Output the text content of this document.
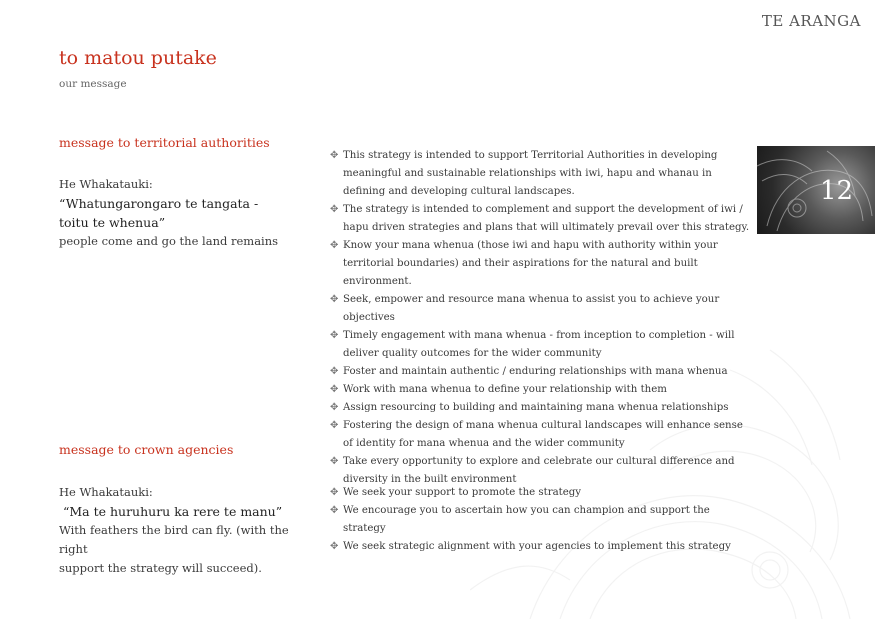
TE ARANGA
to matou putake
our message
message to territorial authorities
He Whakatauki:
“Whatungarongaro te tangata -
toitu te whenua”
people come and go the land remains
✥ This strategy is intended to support Territorial Authorities in developing meaningful and sustainable relationships with iwi, hapu and whanau in defining and developing cultural landscapes.
✥ The strategy is intended to complement and support the development of iwi / hapu driven strategies and plans that will ultimately prevail over this strategy.
✥ Know your mana whenua (those iwi and hapu with authority within your territorial boundaries) and their aspirations for the natural and built environment.
✥ Seek, empower and resource mana whenua to assist you to achieve your objectives
✥ Timely engagement with mana whenua - from inception to completion - will deliver quality outcomes for the wider community
✥ Foster and maintain authentic / enduring relationships with mana whenua
✥ Work with mana whenua to define your relationship with them
✥ Assign resourcing to building and maintaining mana whenua relationships
✥ Fostering the design of mana whenua cultural landscapes will enhance sense of identity for mana whenua and the wider community
✥ Take every opportunity to explore and celebrate our cultural difference and diversity in the built environment
12
message to crown agencies
He Whakatauki:
“Ma te huruhuru ka rere te manu”
With feathers the bird can fly. (with the right
support the strategy will succeed).
✥ We seek your support to promote the strategy
✥ We encourage you to ascertain how you can champion and support the strategy
✥ We seek strategic alignment with your agencies to implement this strategy
